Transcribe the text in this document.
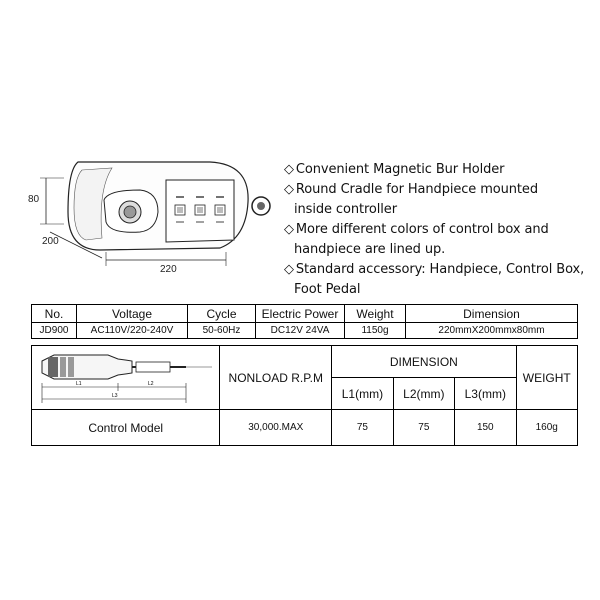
80
200
220
◇ Convenient Magnetic Bur Holder
◇ Round Cradle for Handpiece mounted
inside controller
◇ More different colors of control box and
handpiece are lined up.
◇ Standard accessory: Handpiece, Control Box,
Foot Pedal
No.	Voltage	Cycle	Electric Power	Weight	Dimension
JD900	AC110V/220-240V	50-60Hz	DC12V 24VA	1150g	220mmX200mmx80mm
L1 L2
L3	NONLOAD R.P.M	DIMENSION			WEIGHT
		L1(mm)	L2(mm)	L3(mm)	
Control Model	30,000.MAX	75	75	150	160g
